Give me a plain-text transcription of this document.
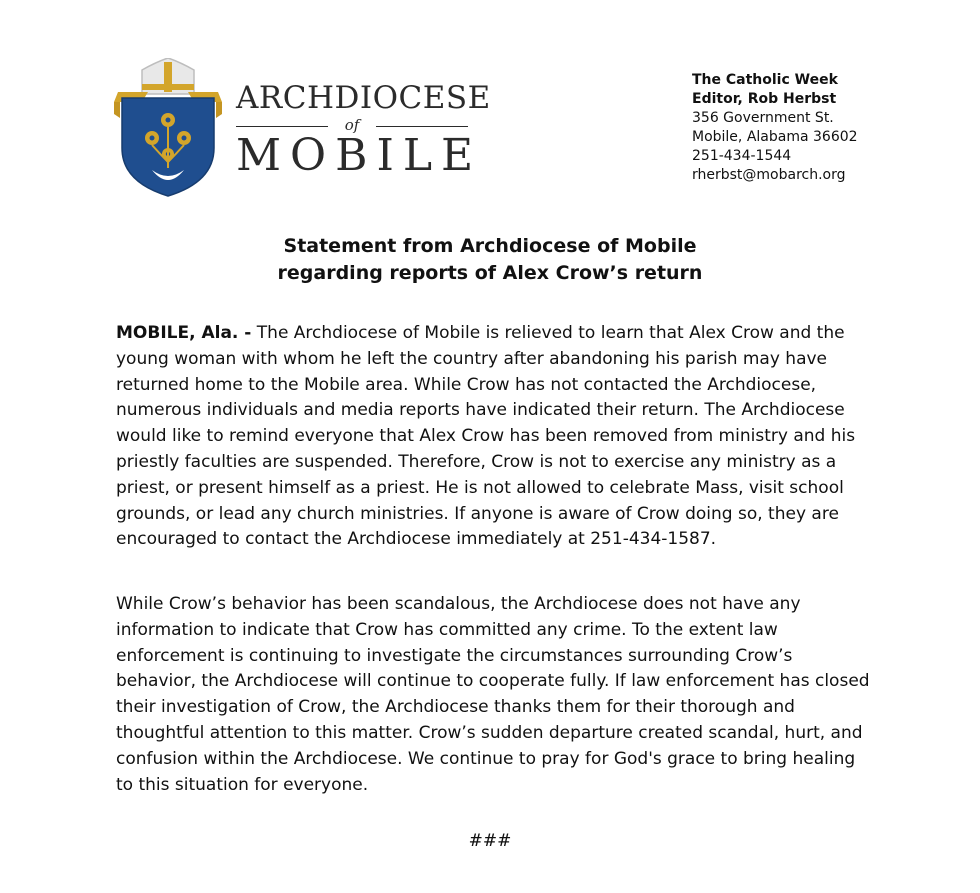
ARCHDIOCESE
of
MOBILE
The Catholic Week
Editor, Rob Herbst
356 Government St.
Mobile, Alabama 36602
251-434-1544
rherbst@mobarch.org
Statement from Archdiocese of Mobile
regarding reports of Alex Crow’s return
MOBILE, Ala. - The Archdiocese of Mobile is relieved to learn that Alex Crow and the young woman with whom he left the country after abandoning his parish may have returned home to the Mobile area. While Crow has not contacted the Archdiocese, numerous individuals and media reports have indicated their return. The Archdiocese would like to remind everyone that Alex Crow has been removed from ministry and his priestly faculties are suspended. Therefore, Crow is not to exercise any ministry as a priest, or present himself as a priest. He is not allowed to celebrate Mass, visit school grounds, or lead any church ministries. If anyone is aware of Crow doing so, they are encouraged to contact the Archdiocese immediately at 251-434-1587.
While Crow’s behavior has been scandalous, the Archdiocese does not have any information to indicate that Crow has committed any crime. To the extent law enforcement is continuing to investigate the circumstances surrounding Crow’s behavior, the Archdiocese will continue to cooperate fully. If law enforcement has closed their investigation of Crow, the Archdiocese thanks them for their thorough and thoughtful attention to this matter. Crow’s sudden departure created scandal, hurt, and confusion within the Archdiocese. We continue to pray for God's grace to bring healing to this situation for everyone.
###
